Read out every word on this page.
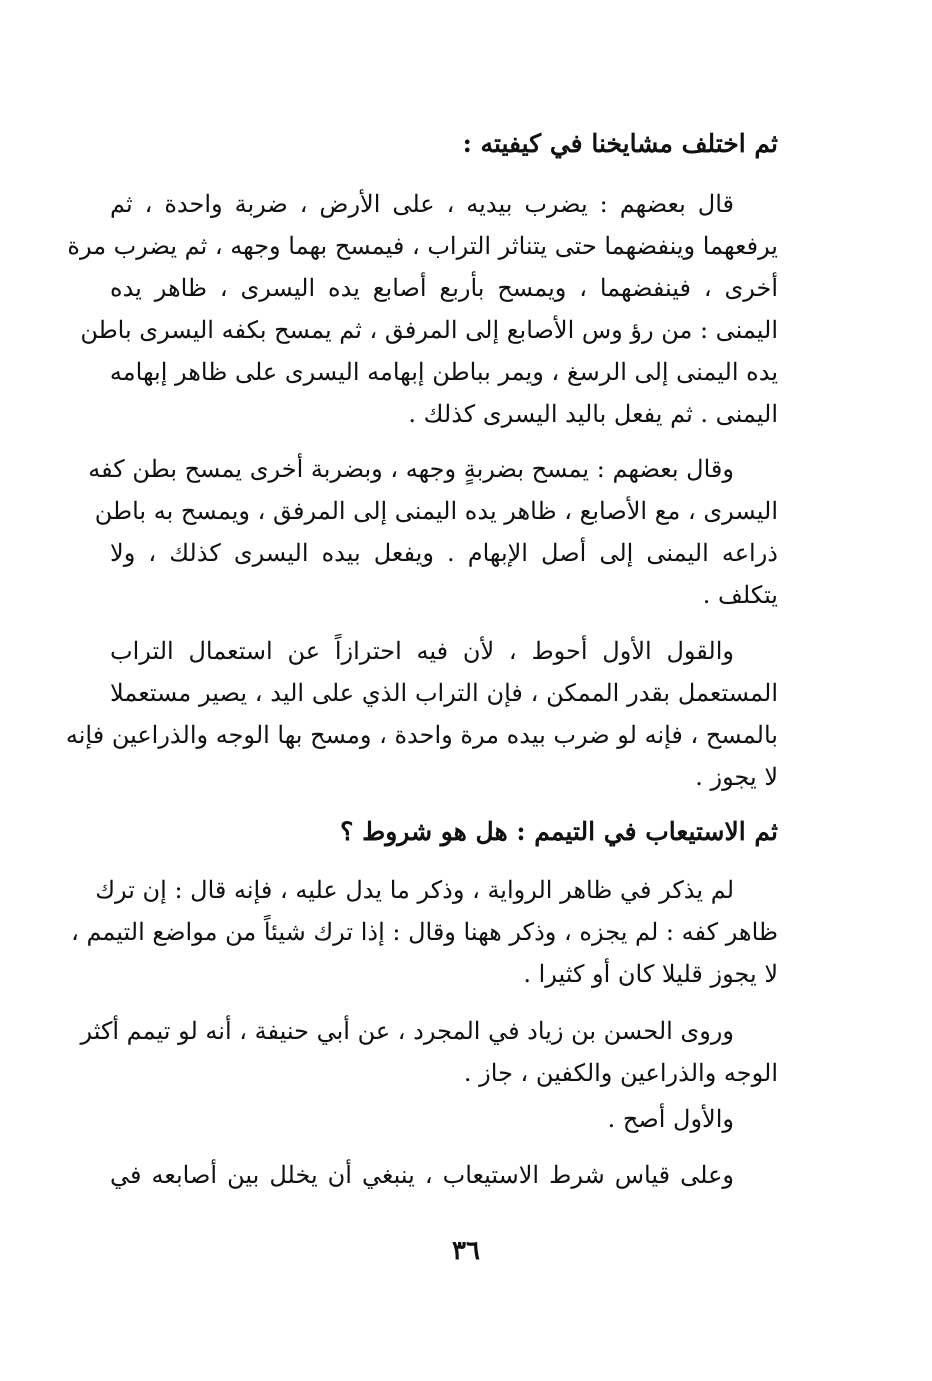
ثم اختلف مشايخنا في كيفيته :
قال بعضهم : يضرب بيديه ، على الأرض ، ضربة واحدة ، ثم
يرفعهما وينفضهما حتى يتناثر التراب ، فيمسح بهما وجهه ، ثم يضرب مرة
أخرى ، فينفضهما ، ويمسح بأربع أصابع يده اليسرى ، ظاهر يده
اليمنى : من رؤ وس الأصابع إلى المرفق ، ثم يمسح بكفه اليسرى باطن
يده اليمنى إلى الرسغ ، ويمر بباطن إبهامه اليسرى على ظاهر إبهامه
اليمنى . ثم يفعل باليد اليسرى كذلك .
وقال بعضهم : يمسح بضربةٍ وجهه ، وبضربة أخرى يمسح بطن كفه
اليسرى ، مع الأصابع ، ظاهر يده اليمنى إلى المرفق ، ويمسح به باطن
ذراعه اليمنى إلى أصل الإبهام . ويفعل بيده اليسرى كذلك ، ولا
يتكلف .
والقول الأول أحوط ، لأن فيه احترازاً عن استعمال التراب
المستعمل بقدر الممكن ، فإن التراب الذي على اليد ، يصير مستعملا
بالمسح ، فإنه لو ضرب بيده مرة واحدة ، ومسح بها الوجه والذراعين فإنه
لا يجوز .
ثم الاستيعاب في التيمم : هل هو شروط ؟
لم يذكر في ظاهر الرواية ، وذكر ما يدل عليه ، فإنه قال : إن ترك
ظاهر كفه : لم يجزه ، وذكر ههنا وقال : إذا ترك شيئاً من مواضع التيمم ،
لا يجوز قليلا كان أو كثيرا .
وروى الحسن بن زياد في المجرد ، عن أبي حنيفة ، أنه لو تيمم أكثر
الوجه والذراعين والكفين ، جاز .
والأول أصح .
وعلى قياس شرط الاستيعاب ، ينبغي أن يخلل بين أصابعه في
٣٦
